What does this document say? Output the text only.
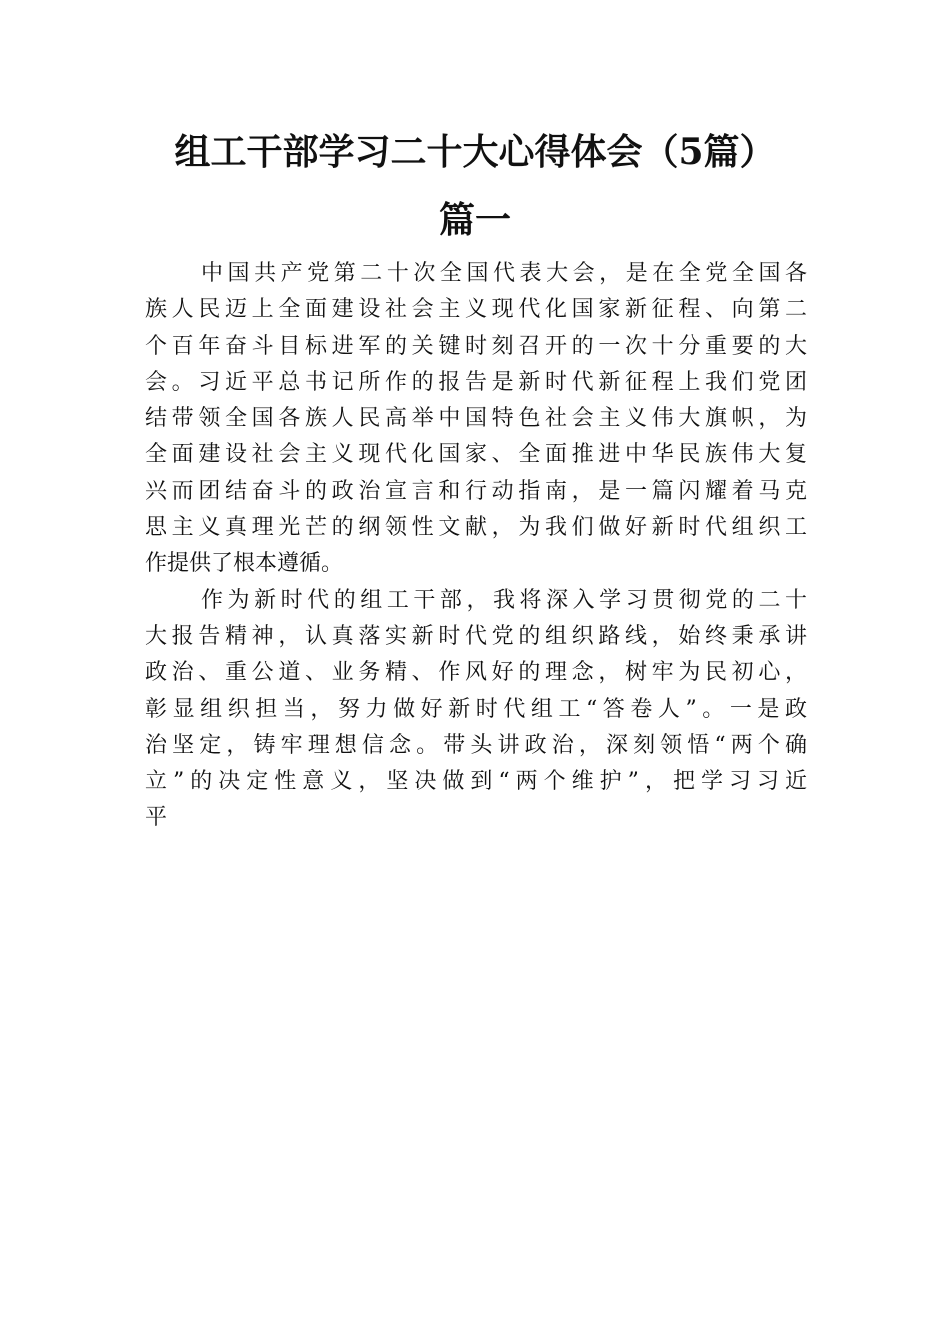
组工干部学习二十大心得体会（5篇）
篇一
中国共产党第二十次全国代表大会，是在全党全国各
族人民迈上全面建设社会主义现代化国家新征程、向第二
个百年奋斗目标进军的关键时刻召开的一次十分重要的大
会。习近平总书记所作的报告是新时代新征程上我们党团
结带领全国各族人民高举中国特色社会主义伟大旗帜，为
全面建设社会主义现代化国家、全面推进中华民族伟大复
兴而团结奋斗的政治宣言和行动指南，是一篇闪耀着马克
思主义真理光芒的纲领性文献，为我们做好新时代组织工
作提供了根本遵循。
作为新时代的组工干部，我将深入学习贯彻党的二十
大报告精神，认真落实新时代党的组织路线，始终秉承讲
政治、重公道、业务精、作风好的理念，树牢为民初心，
彰显组织担当，努力做好新时代组工“答卷人”。一是政
治坚定，铸牢理想信念。带头讲政治，深刻领悟“两个确
立”的决定性意义，坚决做到“两个维护”，把学习习近
平
